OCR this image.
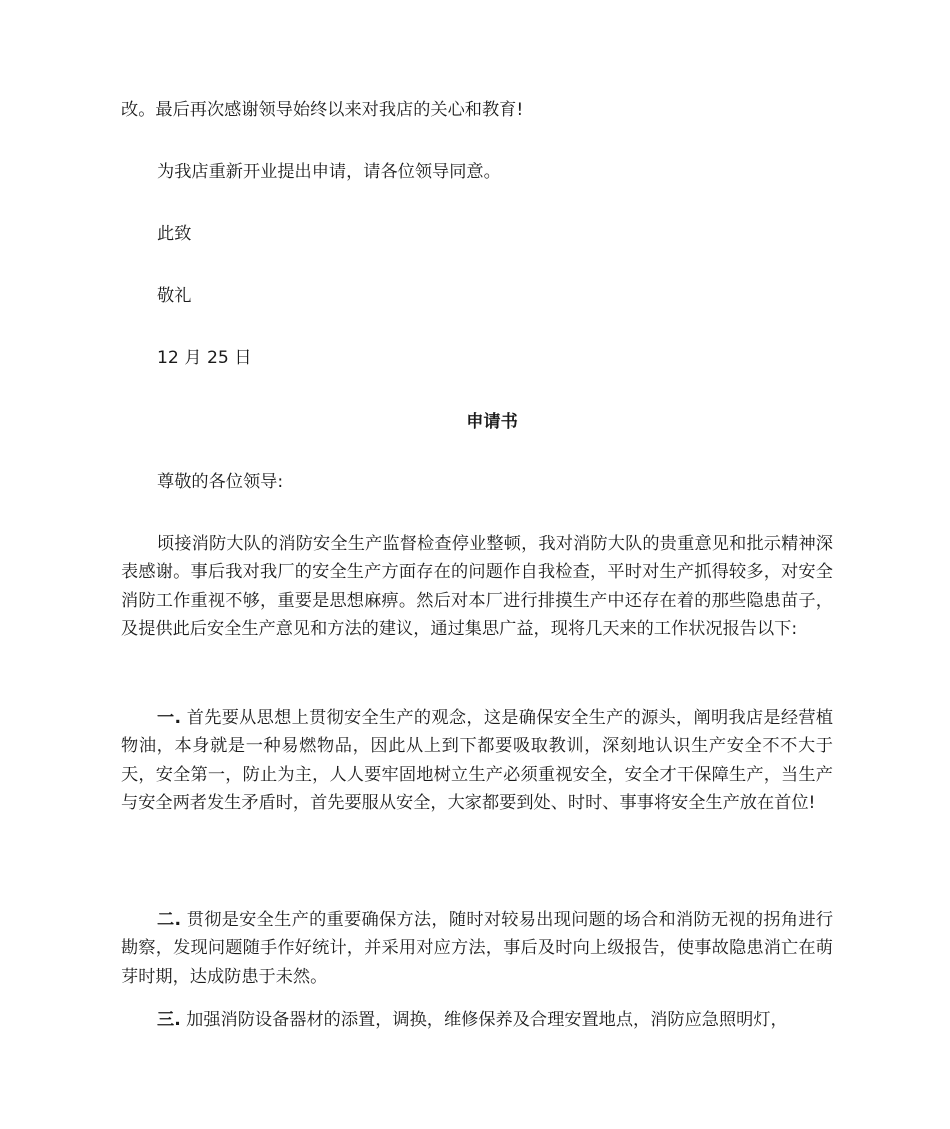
改。最后再次感谢领导始终以来对我店的关心和教育!

为我店重新开业提出申请，请各位领导同意。

此致

敬礼

12 月 25 日

申请书

尊敬的各位领导:

顷接消防大队的消防安全生产监督检查停业整顿，我对消防大队的贵重意见和批示精神深表感谢。事后我对我厂的安全生产方面存在的问题作自我检查，平时对生产抓得较多，对安全消防工作重视不够，重要是思想麻痹。然后对本厂进行排摸生产中还存在着的那些隐患苗子，及提供此后安全生产意见和方法的建议，通过集思广益，现将几天来的工作状况报告以下:

一. 首先要从思想上贯彻安全生产的观念，这是确保安全生产的源头，阐明我店是经营植物油，本身就是一种易燃物品，因此从上到下都要吸取教训，深刻地认识生产安全不不大于天，安全第一，防止为主，人人要牢固地树立生产必须重视安全，安全才干保障生产，当生产与安全两者发生矛盾时，首先要服从安全，大家都要到处、时时、事事将安全生产放在首位!

二. 贯彻是安全生产的重要确保方法，随时对较易出现问题的场合和消防无视的拐角进行勘察，发现问题随手作好统计，并采用对应方法，事后及时向上级报告，使事故隐患消亡在萌芽时期，达成防患于未然。

三. 加强消防设备器材的添置，调换，维修保养及合理安置地点，消防应急照明灯，
